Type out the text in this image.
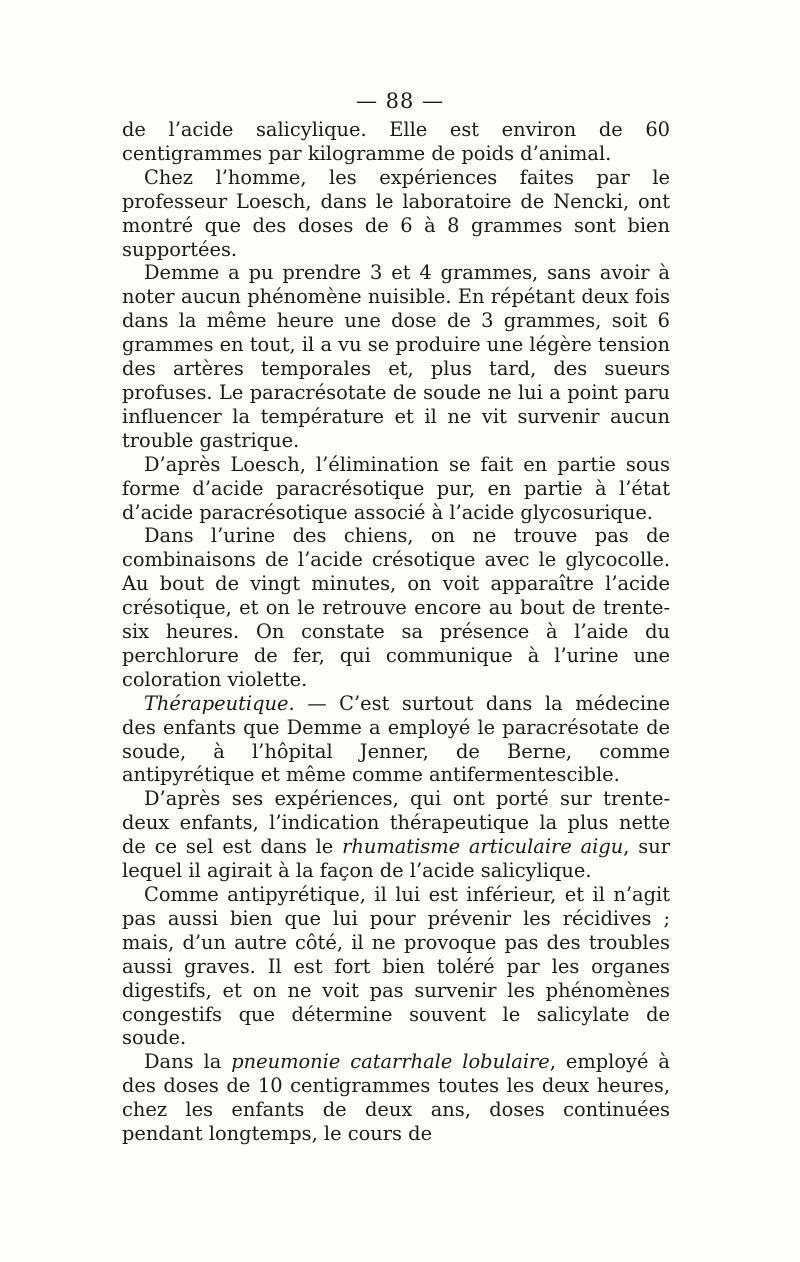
— 88 —

de l’acide salicylique. Elle est environ de 60 centigrammes par kilogramme de poids d’animal.

Chez l’homme, les expériences faites par le professeur Loesch, dans le laboratoire de Nencki, ont montré que des doses de 6 à 8 grammes sont bien supportées.

Demme a pu prendre 3 et 4 grammes, sans avoir à noter aucun phénomène nuisible. En répétant deux fois dans la même heure une dose de 3 grammes, soit 6 grammes en tout, il a vu se produire une légère tension des artères temporales et, plus tard, des sueurs profuses. Le paracrésotate de soude ne lui a point paru influencer la température et il ne vit survenir aucun trouble gastrique.

D’après Loesch, l’élimination se fait en partie sous forme d’acide paracrésotique pur, en partie à l’état d’acide paracrésotique associé à l’acide glycosurique.

Dans l’urine des chiens, on ne trouve pas de combinaisons de l’acide crésotique avec le glycocolle. Au bout de vingt minutes, on voit apparaître l’acide crésotique, et on le retrouve encore au bout de trente-six heures. On constate sa présence à l’aide du perchlorure de fer, qui communique à l’urine une coloration violette.

Thérapeutique. — C’est surtout dans la médecine des enfants que Demme a employé le paracrésotate de soude, à l’hôpital Jenner, de Berne, comme antipyrétique et même comme antifermentescible.

D’après ses expériences, qui ont porté sur trente-deux enfants, l’indication thérapeutique la plus nette de ce sel est dans le rhumatisme articulaire aigu, sur lequel il agirait à la façon de l’acide salicylique.

Comme antipyrétique, il lui est inférieur, et il n’agit pas aussi bien que lui pour prévenir les récidives ; mais, d’un autre côté, il ne provoque pas des troubles aussi graves. Il est fort bien toléré par les organes digestifs, et on ne voit pas survenir les phénomènes congestifs que détermine souvent le salicylate de soude.

Dans la pneumonie catarrhale lobulaire, employé à des doses de 10 centigrammes toutes les deux heures, chez les enfants de deux ans, doses continuées pendant longtemps, le cours de
